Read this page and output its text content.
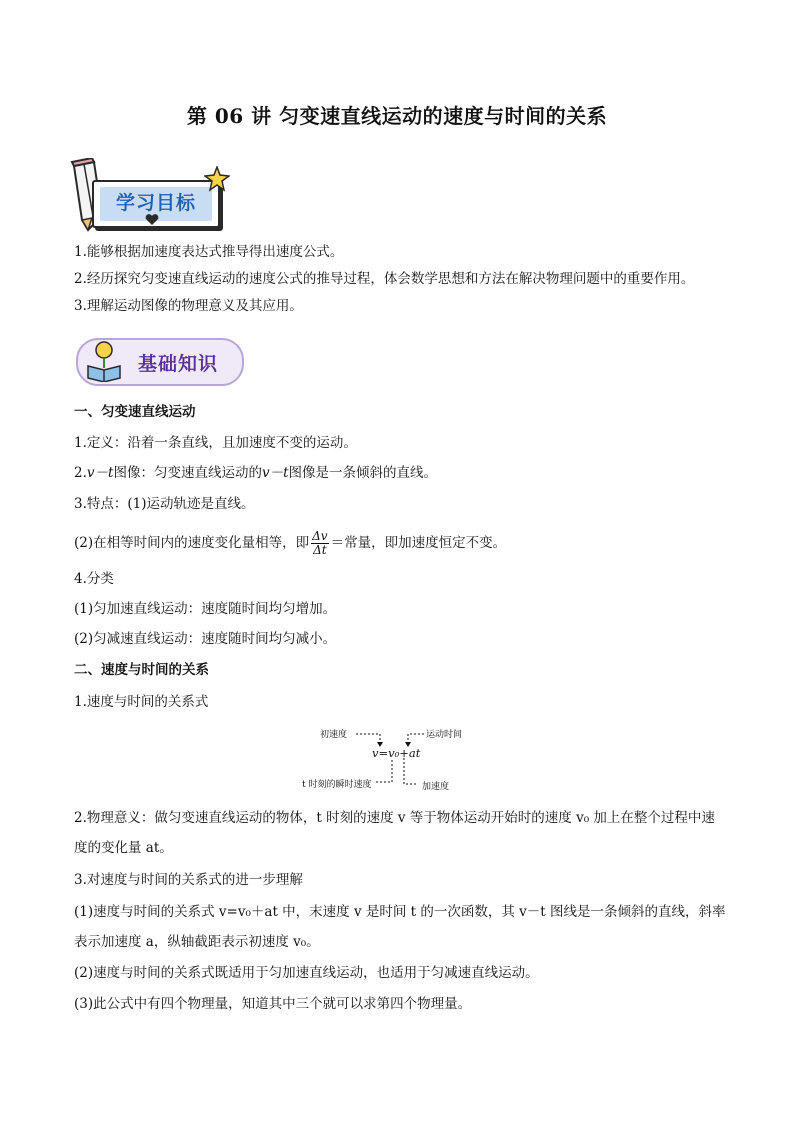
第 06 讲 匀变速直线运动的速度与时间的关系
学习目标
1.能够根据加速度表达式推导得出速度公式。
2.经历探究匀变速直线运动的速度公式的推导过程，体会数学思想和方法在解决物理问题中的重要作用。
3.理解运动图像的物理意义及其应用。
基础知识
一、匀变速直线运动
1.定义：沿着一条直线，且加速度不变的运动。
2.v－t图像：匀变速直线运动的v－t图像是一条倾斜的直线。
3.特点：(1)运动轨迹是直线。
(2)在相等时间内的速度变化量相等，即 $\frac{\Delta v}{\Delta t}$ ＝常量，即加速度恒定不变。
4.分类
(1)匀加速直线运动：速度随时间均匀增加。
(2)匀减速直线运动：速度随时间均匀减小。
二、速度与时间的关系
1.速度与时间的关系式
初速度	运动时间
v=v₀+at
t 时刻的瞬时速度	加速度
2.物理意义：做匀变速直线运动的物体，t 时刻的速度 v 等于物体运动开始时的速度 v₀ 加上在整个过程中速
度的变化量 at。
3.对速度与时间的关系式的进一步理解
(1)速度与时间的关系式 v=v₀＋at 中，末速度 v 是时间 t 的一次函数，其 v－t 图线是一条倾斜的直线，斜率
表示加速度 a，纵轴截距表示初速度 v₀。
(2)速度与时间的关系式既适用于匀加速直线运动，也适用于匀减速直线运动。
(3)此公式中有四个物理量，知道其中三个就可以求第四个物理量。
